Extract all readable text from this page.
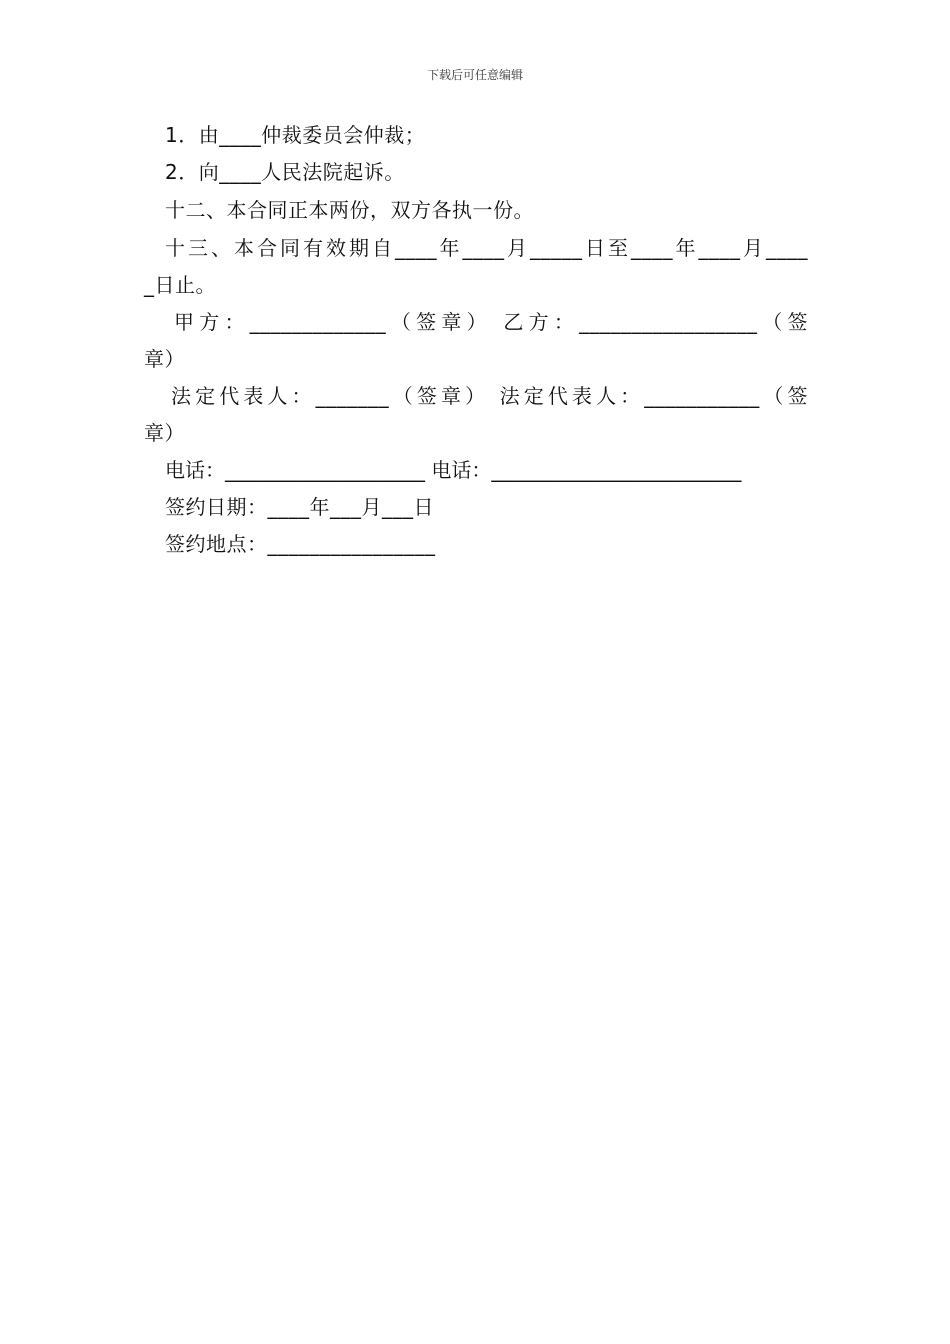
下载后可任意编辑
1．由____仲裁委员会仲裁；
2．向____人民法院起诉。
十二、本合同正本两份，双方各执一份。
十三、本合同有效期自____年____月_____日至____年____月____
_日止。
甲方：_____________（签章） 乙方：_________________（签
章）
法定代表人：_______（签章） 法定代表人：___________（签
章）
电话：____________________ 电话：_________________________
签约日期：____年___月___日
签约地点：________________
